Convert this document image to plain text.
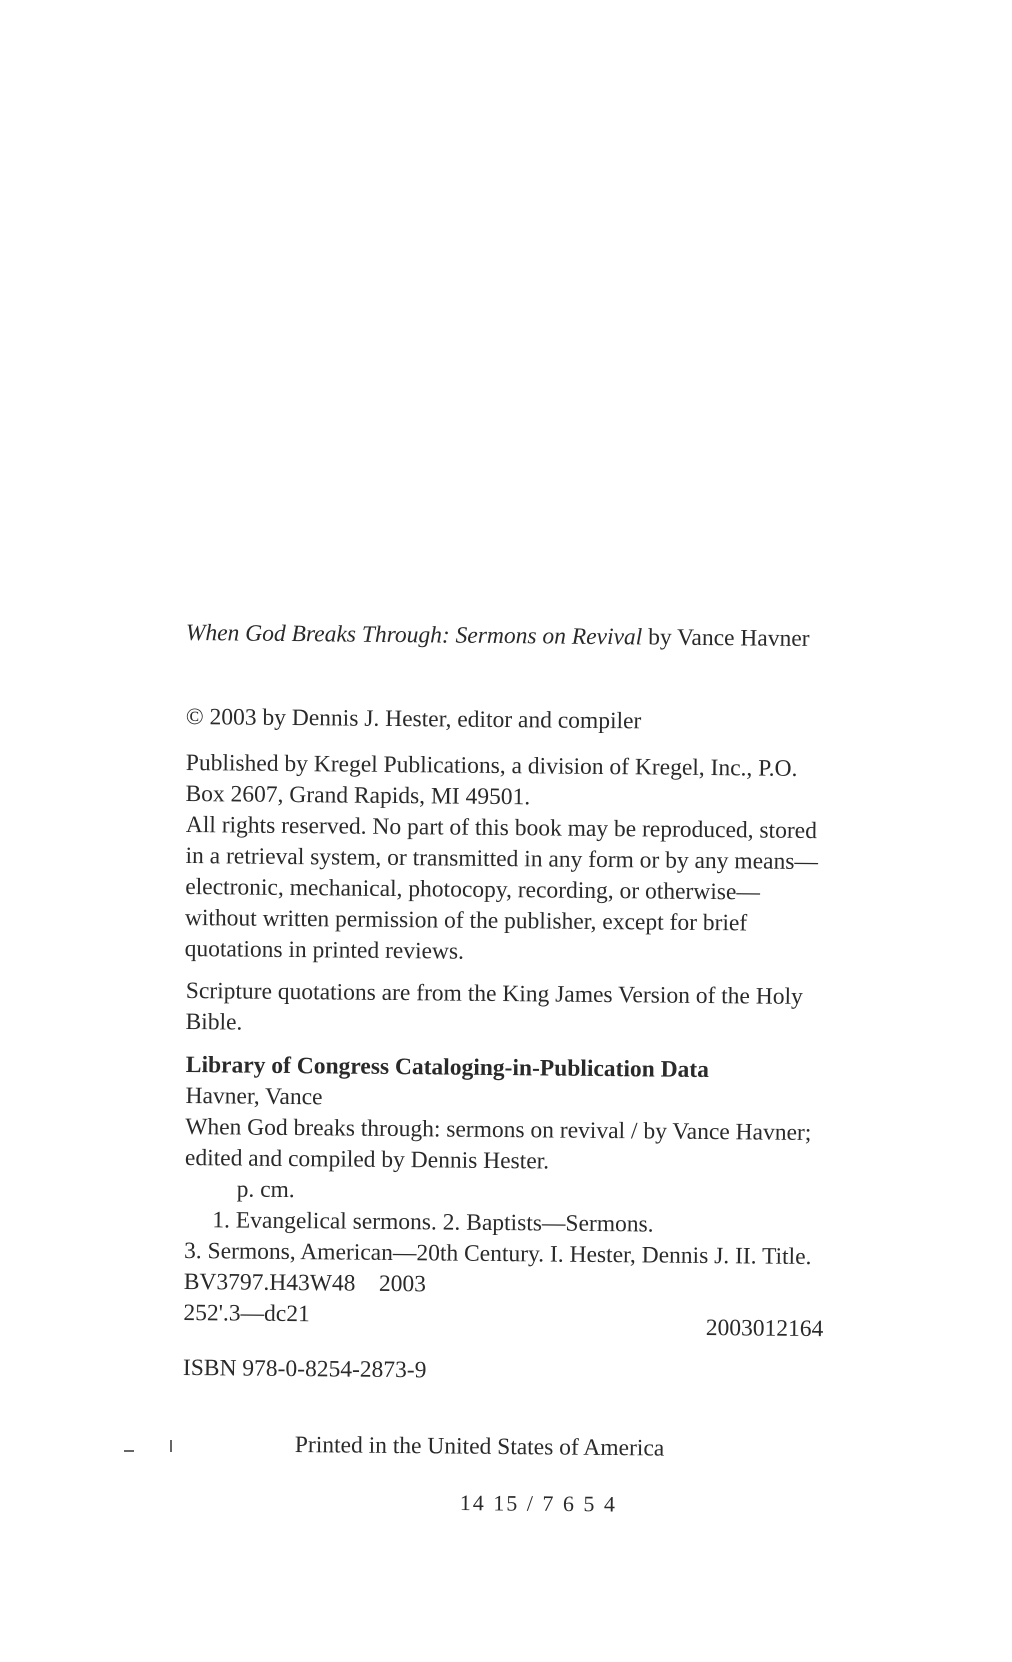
When God Breaks Through: Sermons on Revival by Vance Havner

© 2003 by Dennis J. Hester, editor and compiler

Published by Kregel Publications, a division of Kregel, Inc., P.O. Box 2607, Grand Rapids, MI 49501.

All rights reserved. No part of this book may be reproduced, stored in a retrieval system, or transmitted in any form or by any means—electronic, mechanical, photocopy, recording, or otherwise—without written permission of the publisher, except for brief quotations in printed reviews.

Scripture quotations are from the King James Version of the Holy Bible.

Library of Congress Cataloging-in-Publication Data
Havner, Vance
When God breaks through: sermons on revival / by Vance Havner; edited and compiled by Dennis Hester.
p. cm.
1. Evangelical sermons. 2. Baptists—Sermons.
3. Sermons, American—20th Century. I. Hester, Dennis J. II. Title.
BV3797.H43W48    2003
252'.3—dc21
2003012164
ISBN 978-0-8254-2873-9
Printed in the United States of America
14 15 / 7 6 5 4
